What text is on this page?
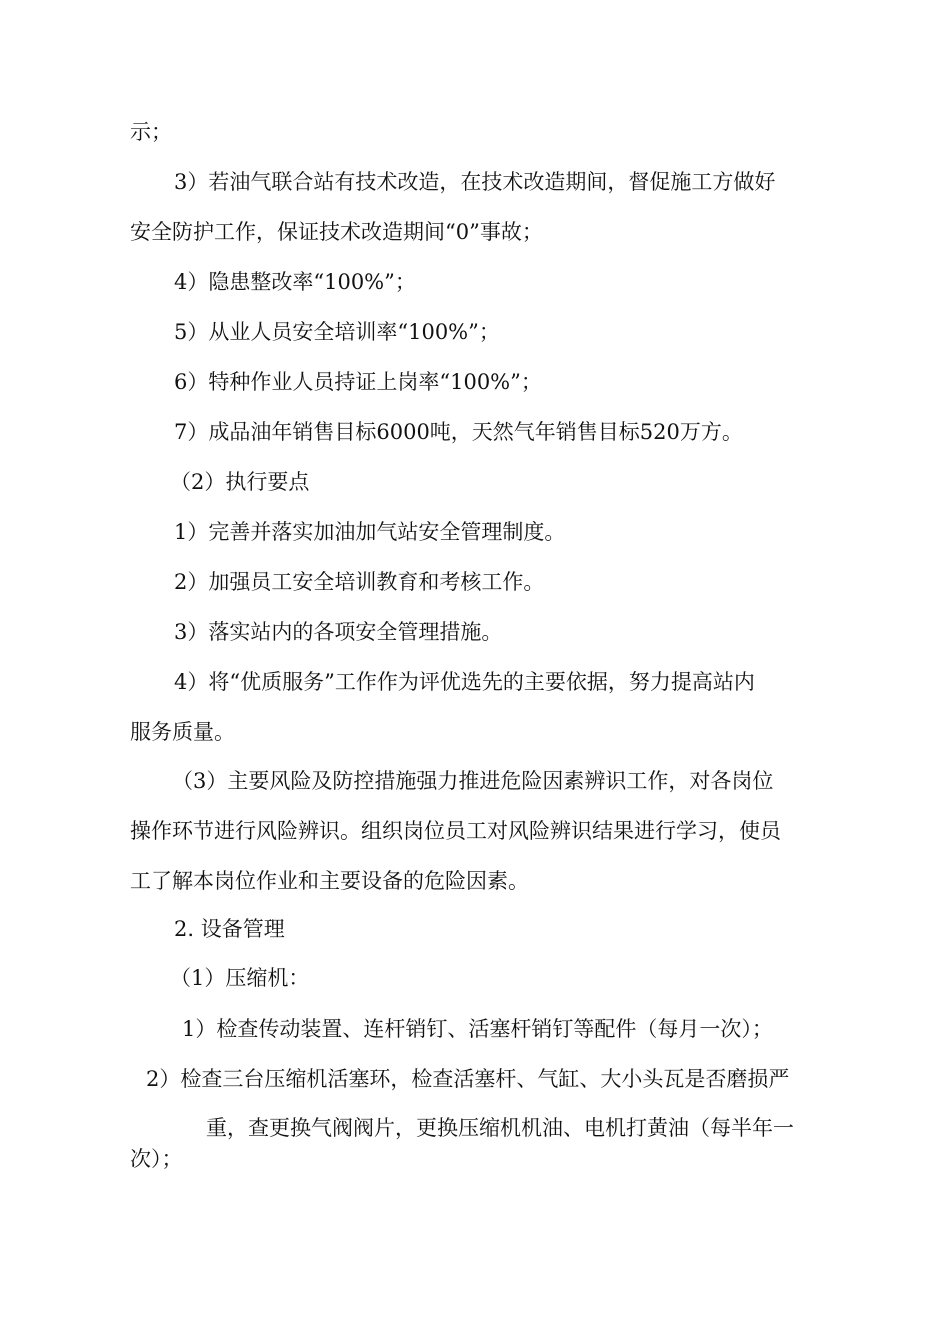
示；
3）若油气联合站有技术改造，在技术改造期间，督促施工方做好
安全防护工作，保证技术改造期间“0”事故；
4）隐患整改率“100%”；
5）从业人员安全培训率“100%”；
6）特种作业人员持证上岗率“100%”；
7）成品油年销售目标6000吨，天然气年销售目标520万方。
（2）执行要点
1）完善并落实加油加气站安全管理制度。
2）加强员工安全培训教育和考核工作。
3）落实站内的各项安全管理措施。
4）将“优质服务”工作作为评优选先的主要依据，努力提高站内
服务质量。
（3）主要风险及防控措施强力推进危险因素辨识工作，对各岗位
操作环节进行风险辨识。组织岗位员工对风险辨识结果进行学习，使员
工了解本岗位作业和主要设备的危险因素。
2. 设备管理
（1）压缩机：
1）检查传动装置、连杆销钉、活塞杆销钉等配件（每月一次）；
2）检查三台压缩机活塞环，检查活塞杆、气缸、大小头瓦是否磨损严
重，查更换气阀阀片，更换压缩机机油、电机打黄油（每半年一
次）；
